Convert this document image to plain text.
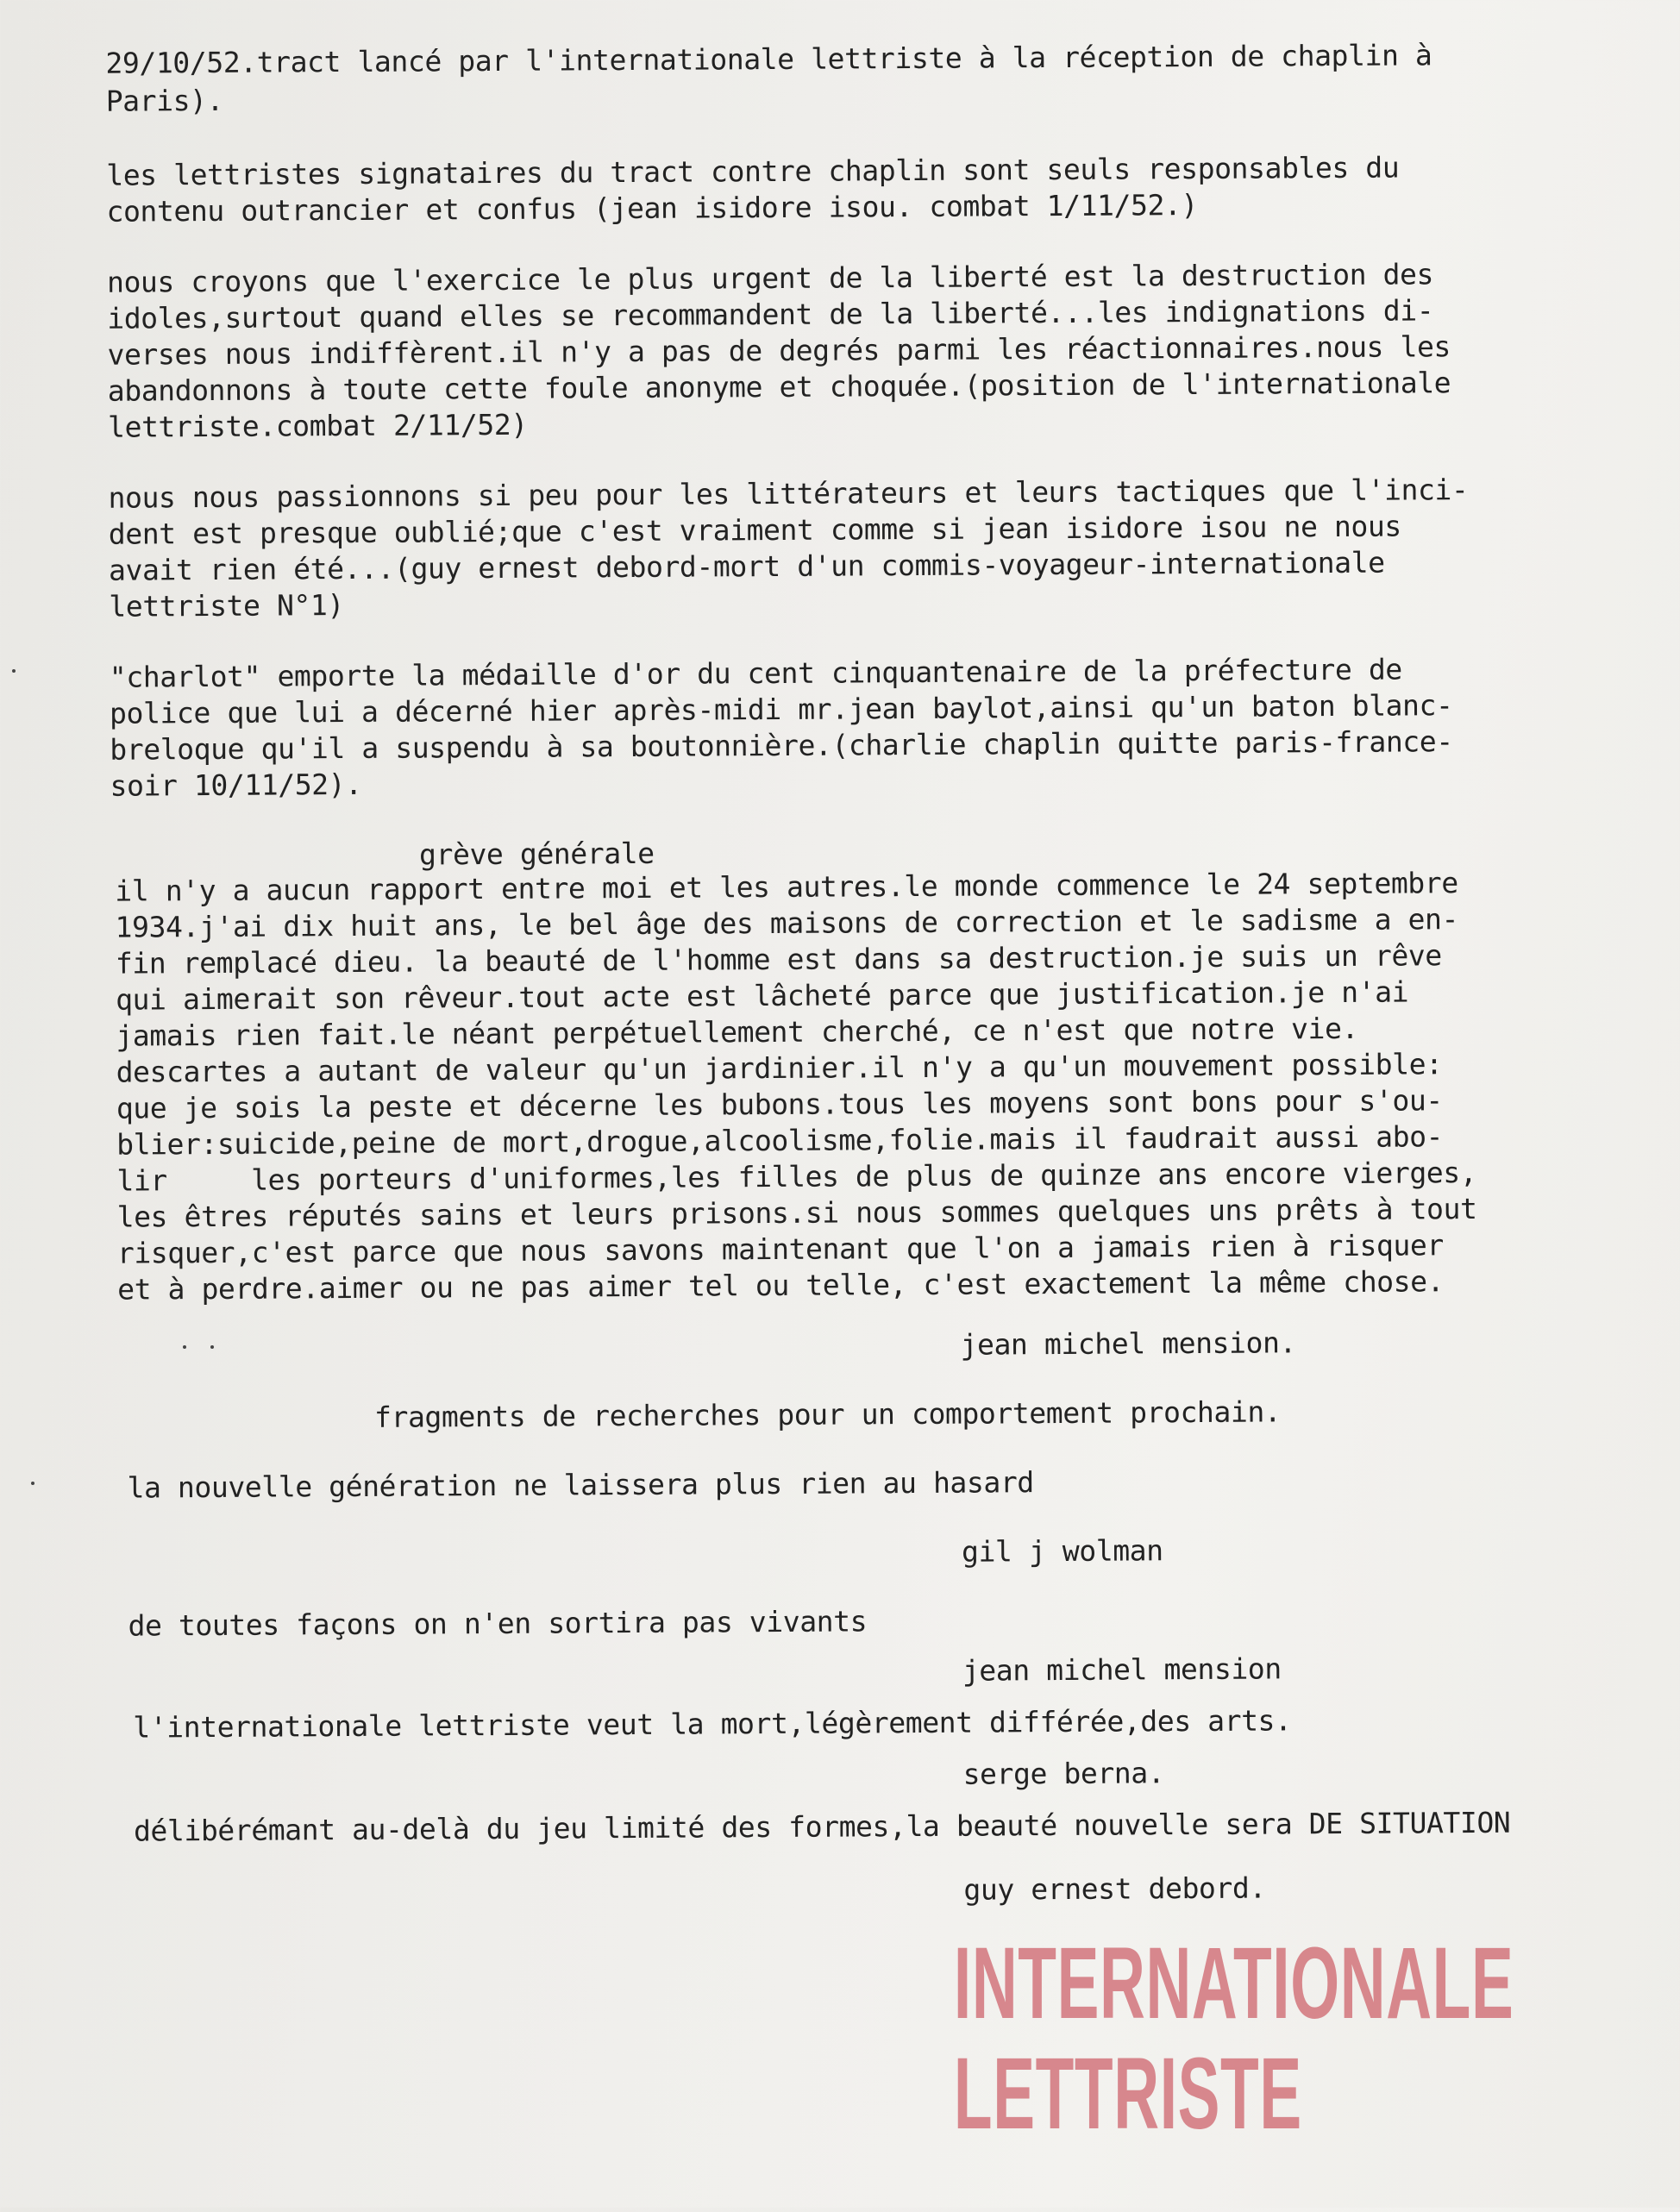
29/10/52.tract lancé par l'internationale lettriste à la réception de chaplin à
Paris).
les lettristes signataires du tract contre chaplin sont seuls responsables du
contenu outrancier et confus (jean isidore isou. combat 1/11/52.)
nous croyons que l'exercice le plus urgent de la liberté est la destruction des
idoles,surtout quand elles se recommandent de la liberté...les indignations di-
verses nous indiffèrent.il n'y a pas de degrés parmi les réactionnaires.nous les
abandonnons à toute cette foule anonyme et choquée.(position de l'internationale
lettriste.combat 2/11/52)
nous nous passionnons si peu pour les littérateurs et leurs tactiques que l'inci-
dent est presque oublié;que c'est vraiment comme si jean isidore isou ne nous
avait rien été...(guy ernest debord-mort d'un commis-voyageur-internationale
lettriste N°1)
"charlot" emporte la médaille d'or du cent cinquantenaire de la préfecture de
police que lui a décerné hier après-midi mr.jean baylot,ainsi qu'un baton blanc-
breloque qu'il a suspendu à sa boutonnière.(charlie chaplin quitte paris-france-
soir 10/11/52).
grève générale
il n'y a aucun rapport entre moi et les autres.le monde commence le 24 septembre
1934.j'ai dix huit ans, le bel âge des maisons de correction et le sadisme a en-
fin remplacé dieu. la beauté de l'homme est dans sa destruction.je suis un rêve
qui aimerait son rêveur.tout acte est lâcheté parce que justification.je n'ai
jamais rien fait.le néant perpétuellement cherché, ce n'est que notre vie.
descartes a autant de valeur qu'un jardinier.il n'y a qu'un mouvement possible:
que je sois la peste et décerne les bubons.tous les moyens sont bons pour s'ou-
blier:suicide,peine de mort,drogue,alcoolisme,folie.mais il faudrait aussi abo-
lir     les porteurs d'uniformes,les filles de plus de quinze ans encore vierges,
les êtres réputés sains et leurs prisons.si nous sommes quelques uns prêts à tout
risquer,c'est parce que nous savons maintenant que l'on a jamais rien à risquer
et à perdre.aimer ou ne pas aimer tel ou telle, c'est exactement la même chose.
jean michel mension.
fragments de recherches pour un comportement prochain.
la nouvelle génération ne laissera plus rien au hasard
gil j wolman
de toutes façons on n'en sortira pas vivants
jean michel mension
l'internationale lettriste veut la mort,légèrement différée,des arts.
serge berna.
délibérémant au-delà du jeu limité des formes,la beauté nouvelle sera DE SITUATION
guy ernest debord.
INTERNATIONALE
LETTRISTE
